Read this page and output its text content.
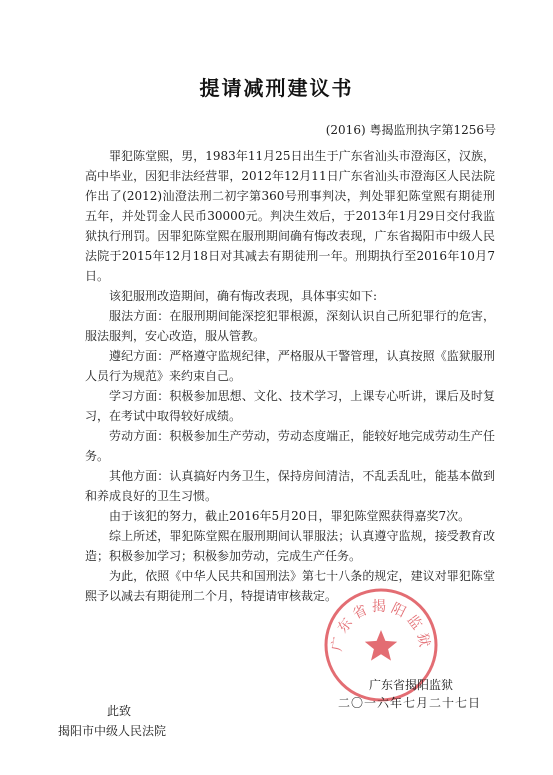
提请减刑建议书
(2016) 粤揭监刑执字第1256号

罪犯陈堂熙，男，1983年11月25日出生于广东省汕头市澄海区，汉族，高中毕业，因犯非法经营罪，2012年12月11日广东省汕头市澄海区人民法院作出了(2012)汕澄法刑二初字第360号刑事判决，判处罪犯陈堂熙有期徒刑五年，并处罚金人民币30000元。判决生效后，于2013年1月29日交付我监狱执行刑罚。因罪犯陈堂熙在服刑期间确有悔改表现，广东省揭阳市中级人民法院于2015年12月18日对其减去有期徒刑一年。刑期执行至2016年10月7日。

该犯服刑改造期间，确有悔改表现，具体事实如下:

服法方面：在服刑期间能深挖犯罪根源，深刻认识自己所犯罪行的危害，服法服判，安心改造，服从管教。

遵纪方面：严格遵守监规纪律，严格服从干警管理，认真按照《监狱服刑人员行为规范》来约束自己。

学习方面：积极参加思想、文化、技术学习，上课专心听讲，课后及时复习，在考试中取得较好成绩。

劳动方面：积极参加生产劳动，劳动态度端正，能较好地完成劳动生产任务。

其他方面：认真搞好内务卫生，保持房间清洁，不乱丢乱吐，能基本做到和养成良好的卫生习惯。

由于该犯的努力，截止2016年5月20日，罪犯陈堂熙获得嘉奖7次。

综上所述，罪犯陈堂熙在服刑期间认罪服法；认真遵守监规，接受教育改造；积极参加学习；积极参加劳动，完成生产任务。

为此，依照《中华人民共和国刑法》第七十八条的规定，建议对罪犯陈堂熙予以减去有期徒刑二个月，特提请审核裁定。

此致
揭阳市中级人民法院
广东省揭阳监狱
广东省揭阳监狱
二〇一六年七月二十七日
